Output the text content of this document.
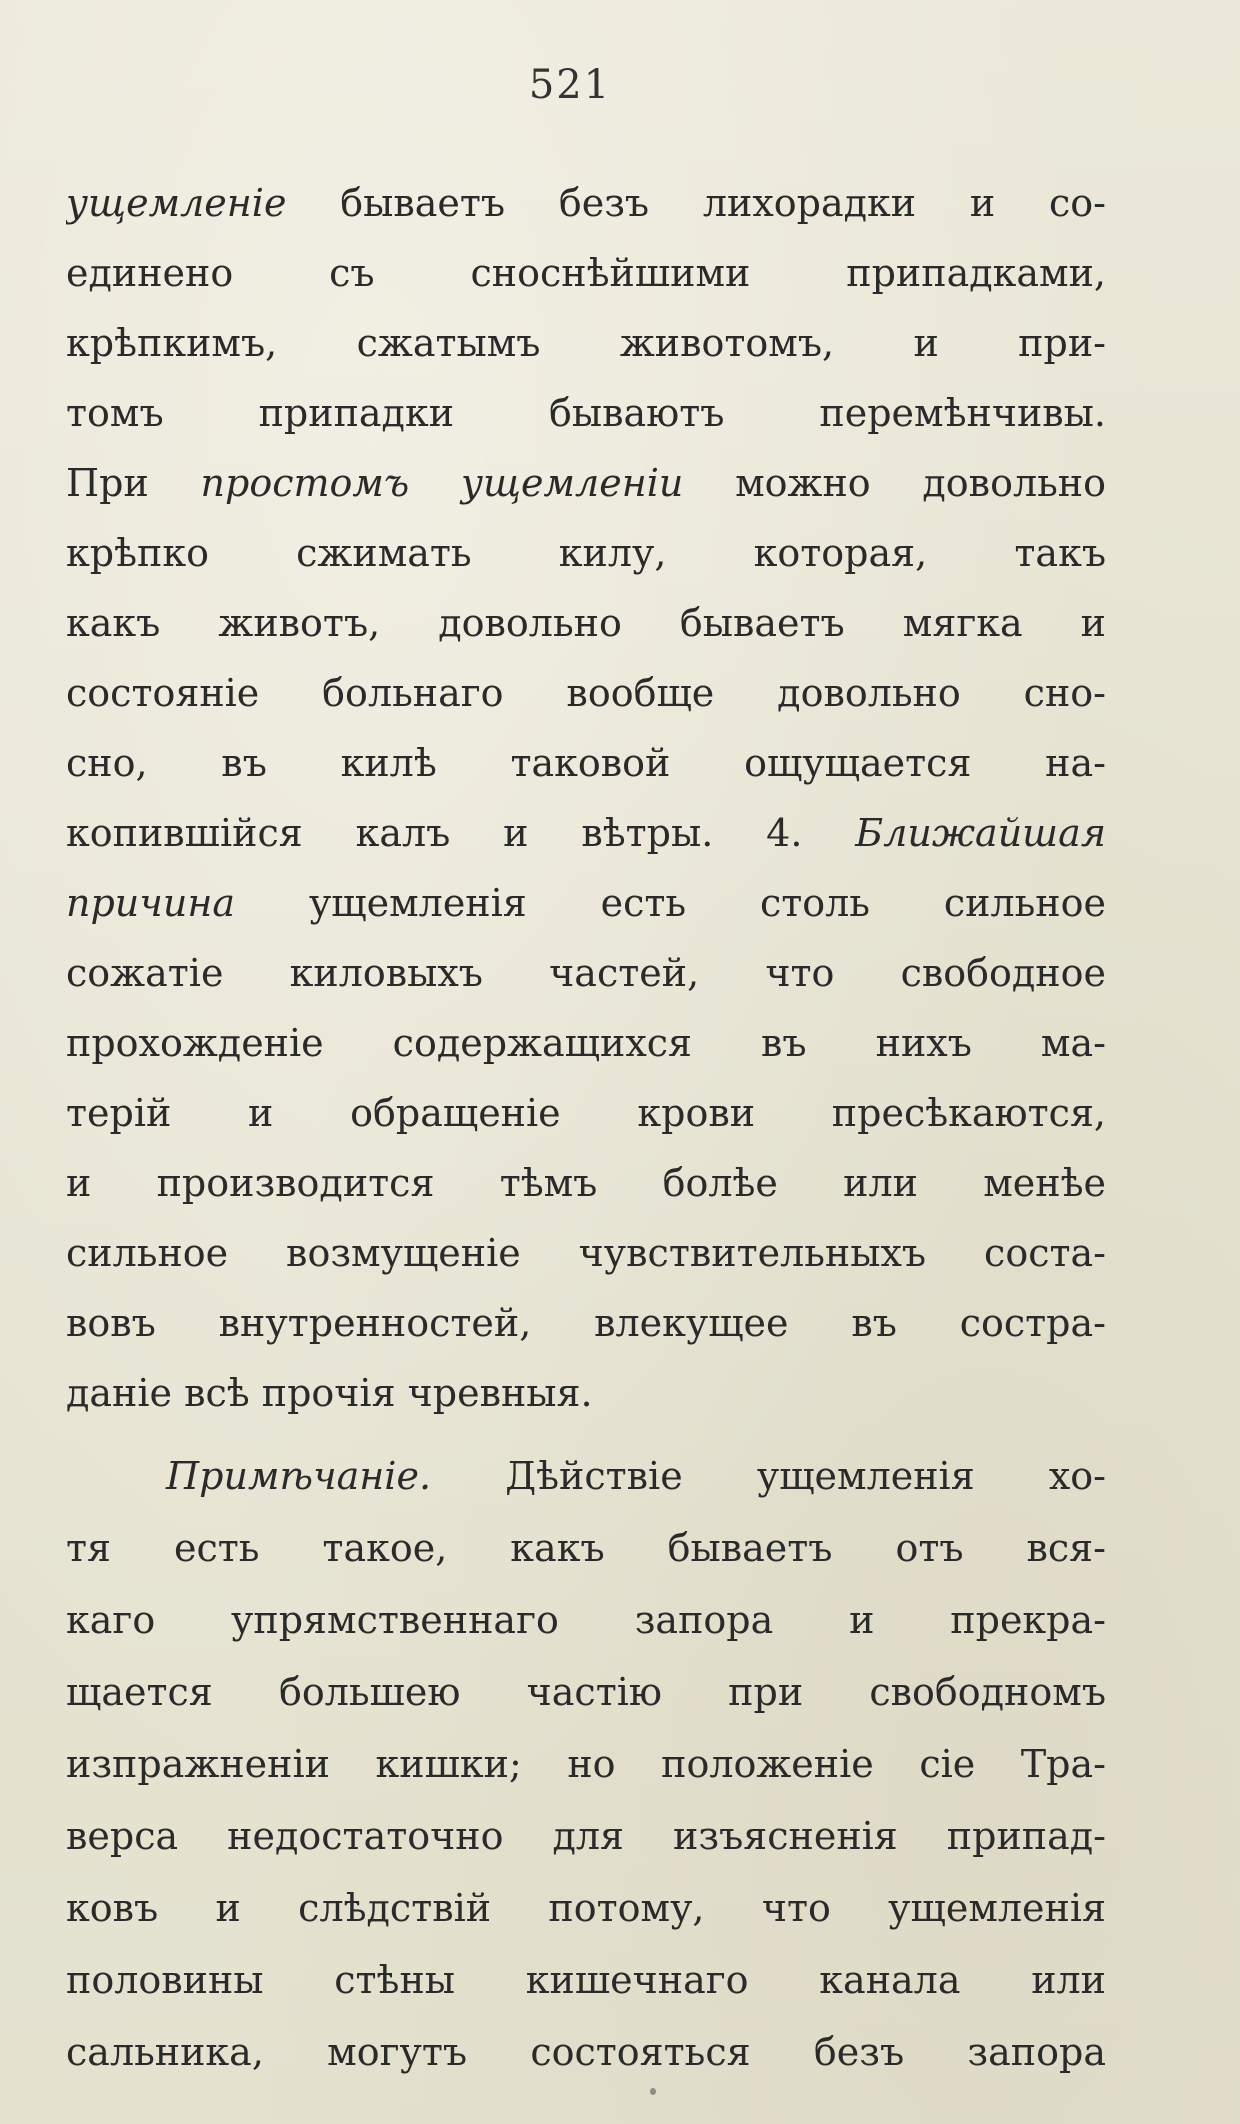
521
ущемленіе бываетъ безъ лихорадки и со-
единено съ сноснѣйшими припадками,
крѣпкимъ, сжатымъ животомъ, и при-
томъ припадки бываютъ перемѣнчивы.
При простомъ ущемленіи можно довольно
крѣпко сжимать килу, которая, такъ
какъ животъ, довольно бываетъ мягка и
состояніе больнаго вообще довольно сно-
сно, въ килѣ таковой ощущается на-
копившійся калъ и вѣтры. 4. Ближайшая
причина ущемленія есть столь сильное
сожатіе киловыхъ частей, что свободное
прохожденіе содержащихся въ нихъ ма-
терій и обращеніе крови пресѣкаются,
и производится тѣмъ болѣе или менѣе
сильное возмущеніе чувствительныхъ соста-
вовъ внутренностей, влекущее въ сострa-
даніе всѣ прочія чревныя.
Примѣчаніе. Дѣйствіе ущемленія хо-
тя есть такое, какъ бываетъ отъ вся-
каго упрямственнаго запора и прекра-
щается большею частію при свободномъ
изпражненіи кишки; но положеніе сіе Тра-
верса недостаточно для изъясненія припад-
ковъ и слѣдствій потому, что ущемленія
половины стѣны кишечнаго канала или
сальника, могутъ состояться безъ запора
